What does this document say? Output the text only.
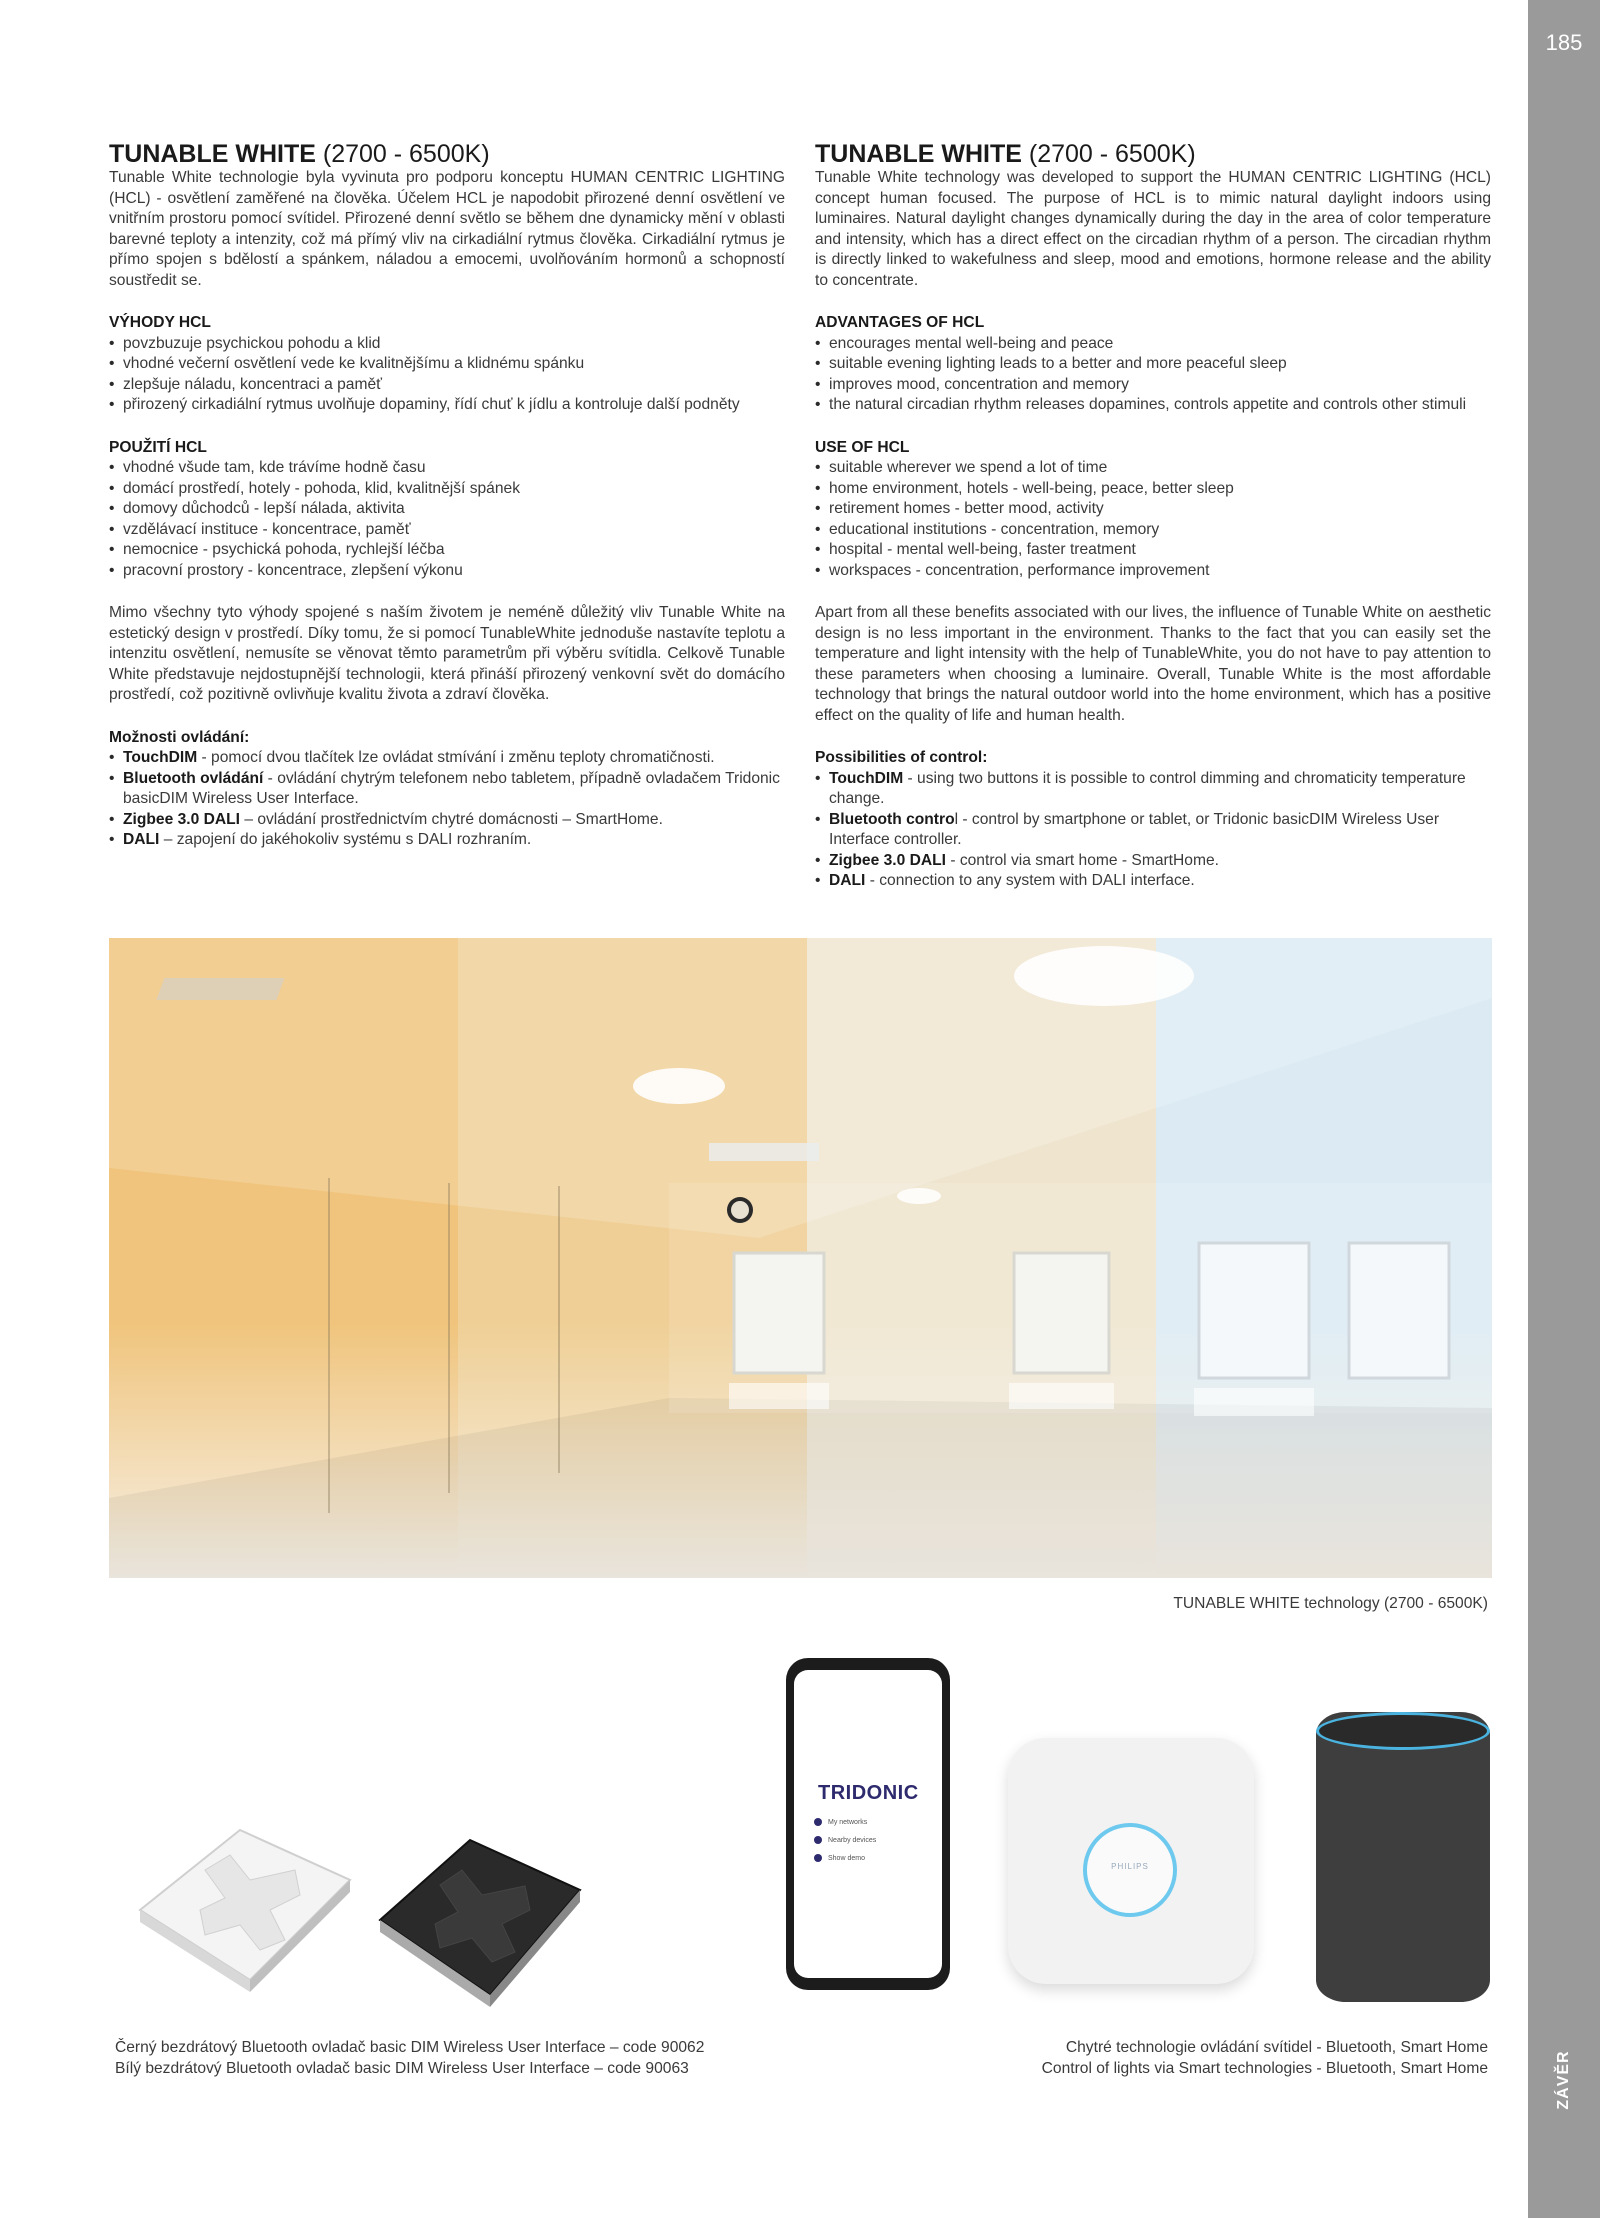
185
ZÁVĚR
TUNABLE WHITE (2700 - 6500K)

Tunable White technologie byla vyvinuta pro podporu konceptu HUMAN CENTRIC LIGHTING (HCL) - osvětlení zaměřené na člověka. Účelem HCL je napodobit přirozené denní osvětlení ve vnitřním prostoru pomocí svítidel. Přirozené denní světlo se během dne dynamicky mění v oblasti barevné teploty a intenzity, což má přímý vliv na cirkadiální rytmus člověka. Cirkadiální rytmus je přímo spojen s bdělostí a spánkem, náladou a emocemi, uvolňováním hormonů a schopností soustředit se.

VÝHODY HCL

• povzbuzuje psychickou pohodu a klid
• vhodné večerní osvětlení vede ke kvalitnějšímu a klidnému spánku
• zlepšuje náladu, koncentraci a paměť
• přirozený cirkadiální rytmus uvolňuje dopaminy, řídí chuť k jídlu a kontroluje další podněty

POUŽITÍ HCL

• vhodné všude tam, kde trávíme hodně času
• domácí prostředí, hotely - pohoda, klid, kvalitnější spánek
• domovy důchodců - lepší nálada, aktivita
• vzdělávací instituce - koncentrace, paměť
• nemocnice - psychická pohoda, rychlejší léčba
• pracovní prostory - koncentrace, zlepšení výkonu

Mimo všechny tyto výhody spojené s naším životem je neméně důležitý vliv Tunable White na estetický design v prostředí. Díky tomu, že si pomocí TunableWhite jednoduše nastavíte teplotu a intenzitu osvětlení, nemusíte se věnovat těmto parametrům při výběru svítidla. Celkově Tunable White představuje nejdostupnější technologii, která přináší přirozený venkovní svět do domácího prostředí, což pozitivně ovlivňuje kvalitu života a zdraví člověka.

Možnosti ovládání:

• TouchDIM - pomocí dvou tlačítek lze ovládat stmívání i změnu teploty chromatičnosti.
• Bluetooth ovládání - ovládání chytrým telefonem nebo tabletem, případně ovladačem Tridonic basicDIM Wireless User Interface.
• Zigbee 3.0 DALI – ovládání prostřednictvím chytré domácnosti – SmartHome.
• DALI – zapojení do jakéhokoliv systému s DALI rozhraním.
TUNABLE WHITE (2700 - 6500K)

Tunable White technology was developed to support the HUMAN CENTRIC LIGHTING (HCL) concept human focused. The purpose of HCL is to mimic natural daylight indoors using luminaires. Natural daylight changes dynamically during the day in the area of color temperature and intensity, which has a direct effect on the circadian rhythm of a person. The circadian rhythm is directly linked to wakefulness and sleep, mood and emotions, hormone release and the ability to concentrate.

ADVANTAGES OF HCL

• encourages mental well-being and peace
• suitable evening lighting leads to a better and more peaceful sleep
• improves mood, concentration and memory
• the natural circadian rhythm releases dopamines, controls appetite and controls other stimuli

USE OF HCL

• suitable wherever we spend a lot of time
• home environment, hotels - well-being, peace, better sleep
• retirement homes - better mood, activity
• educational institutions - concentration, memory
• hospital - mental well-being, faster treatment
• workspaces - concentration, performance improvement

Apart from all these benefits associated with our lives, the influence of Tunable White on aesthetic design is no less important in the environment. Thanks to the fact that you can easily set the temperature and light intensity with the help of TunableWhite, you do not have to pay attention to these parameters when choosing a luminaire. Overall, Tunable White is the most affordable technology that brings the natural outdoor world into the home environment, which has a positive effect on the quality of life and human health.

Possibilities of control:

• TouchDIM - using two buttons it is possible to control dimming and chromaticity temperature change.
• Bluetooth control - control by smartphone or tablet, or Tridonic basicDIM Wireless User Interface controller.
• Zigbee 3.0 DALI - control via smart home - SmartHome.
• DALI - connection to any system with DALI interface.
TUNABLE WHITE technology (2700 - 6500K)
TRIDONIC
My networks
Nearby devices
Show demo
PHILIPS
Černý bezdrátový Bluetooth ovladač basic DIM Wireless User Interface – code 90062
Bílý bezdrátový Bluetooth ovladač basic DIM Wireless User Interface – code 90063
Chytré technologie ovládání svítidel - Bluetooth, Smart Home
Control of lights via Smart technologies - Bluetooth, Smart Home
